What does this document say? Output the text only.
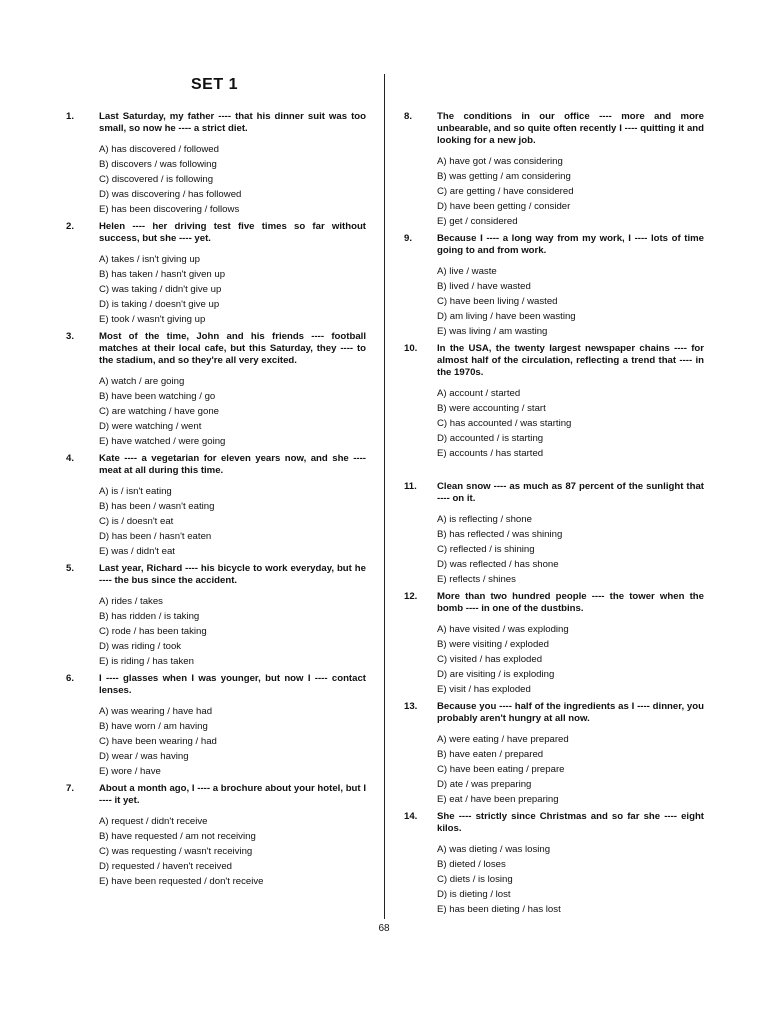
SET 1
1.	Last Saturday, my father ---- that his dinner suit was too small, so now he ---- a strict diet.
A) has discovered / followed
B) discovers / was following
C) discovered / is following
D) was discovering / has followed
E) has been discovering / follows
2.	Helen ---- her driving test five times so far without success, but she ---- yet.
A) takes / isn't giving up
B) has taken / hasn't given up
C) was taking / didn't give up
D) is taking / doesn't give up
E) took / wasn't giving up
3.	Most of the time, John and his friends ---- football matches at their local cafe, but this Saturday, they ---- to the stadium, and so they're all very excited.
A) watch / are going
B) have been watching / go
C) are watching / have gone
D) were watching / went
E) have watched / were going
4.	Kate ---- a vegetarian for eleven years now, and she ---- meat at all during this time.
A) is / isn't eating
B) has been / wasn't eating
C) is / doesn't eat
D) has been / hasn't eaten
E) was / didn't eat
5.	Last year, Richard ---- his bicycle to work everyday, but he ---- the bus since the accident.
A) rides / takes
B) has ridden / is taking
C) rode / has been taking
D) was riding / took
E) is riding / has taken
6.	I ---- glasses when I was younger, but now I ---- contact lenses.
A) was wearing / have had
B) have worn / am having
C) have been wearing / had
D) wear / was having
E) wore / have
7.	About a month ago, I ---- a brochure about your hotel, but I ---- it yet.
A) request / didn't receive
B) have requested / am not receiving
C) was requesting / wasn't receiving
D) requested / haven't received
E) have been requested / don't receive
8.	The conditions in our office ---- more and more unbearable, and so quite often recently I ---- quitting it and looking for a new job.
A) have got / was considering
B) was getting / am considering
C) are getting / have considered
D) have been getting / consider
E) get / considered
9.	Because I ---- a long way from my work, I ---- lots of time going to and from work.
A) live / waste
B) lived / have wasted
C) have been living / wasted
D) am living / have been wasting
E) was living / am wasting
10. In the USA, the twenty largest newspaper chains ---- for almost half of the circulation, reflecting a trend that ---- in the 1970s.
A) account / started
B) were accounting / start
C) has accounted / was starting
D) accounted / is starting
E) accounts / has started
11. Clean snow ---- as much as 87 percent of the sunlight that ---- on it.
A) is reflecting / shone
B) has reflected / was shining
C) reflected / is shining
D) was reflected / has shone
E) reflects / shines
12. More than two hundred people ---- the tower when the bomb ---- in one of the dustbins.
A) have visited / was exploding
B) were visiting / exploded
C) visited / has exploded
D) are visiting / is exploding
E) visit / has exploded
13. Because you ---- half of the ingredients as I ---- dinner, you probably aren't hungry at all now.
A) were eating / have prepared
B) have eaten / prepared
C) have been eating / prepare
D) ate / was preparing
E) eat / have been preparing
14. She ---- strictly since Christmas and so far she ---- eight kilos.
A) was dieting / was losing
B) dieted / loses
C) diets / is losing
D) is dieting / lost
E) has been dieting / has lost
68
